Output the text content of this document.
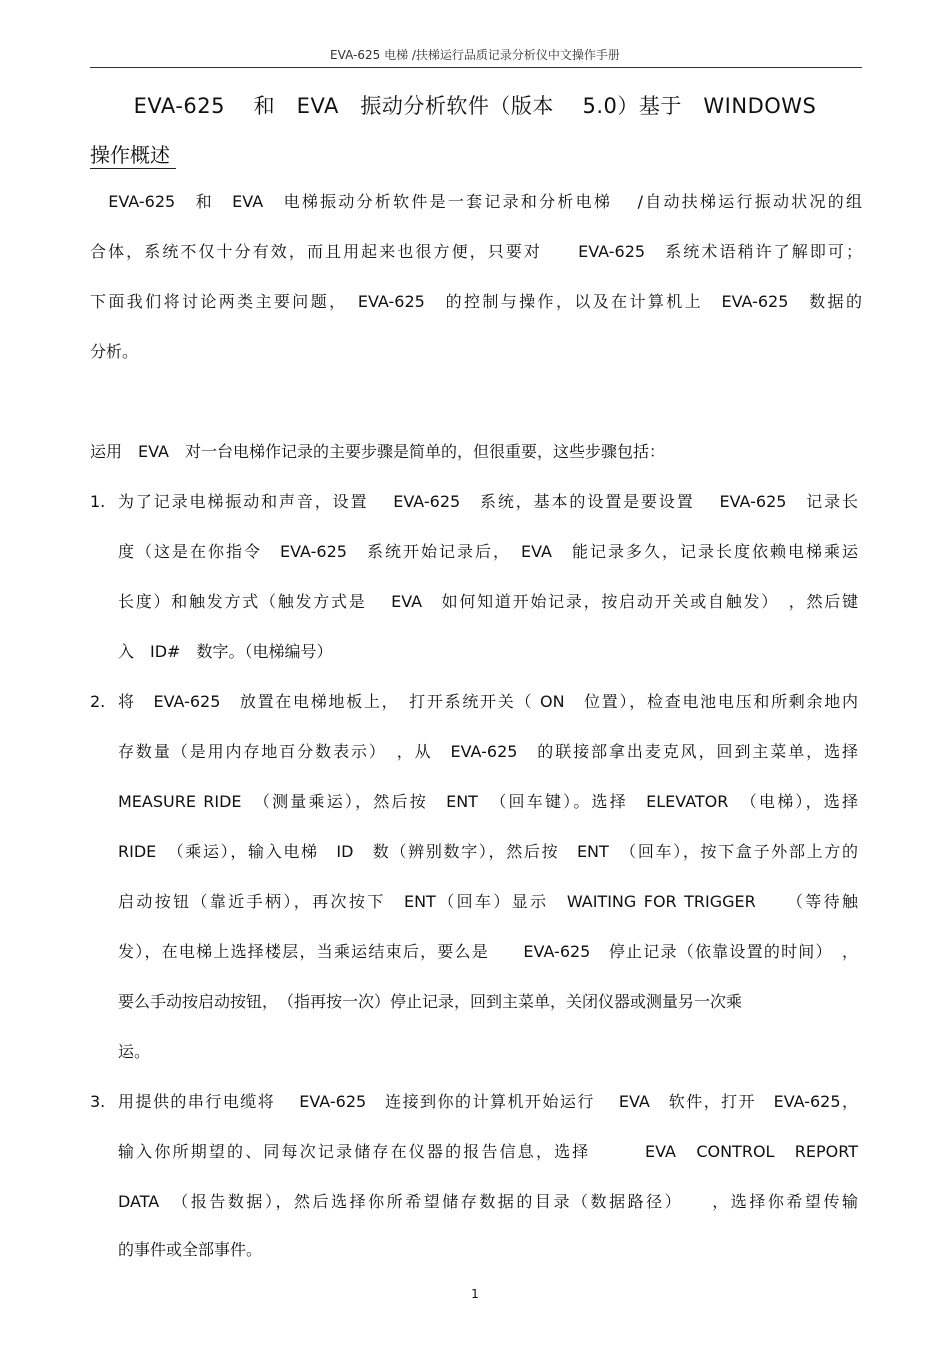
EVA-625 电梯 /扶梯运行品质记录分析仪中文操作手册
EVA-625　 和　EVA　振动分析软件（版本　 5.0）基于　WINDOWS
操作概述
　EVA-625　和　EVA　电梯振动分析软件是一套记录和分析电梯　 /自动扶梯运行振动状况的组
合体，系统不仅十分有效，而且用起来也很方便，只要对　　EVA-625　系统术语稍许了解即可；
下面我们将讨论两类主要问题，　EVA-625　的控制与操作，以及在计算机上　EVA-625　数据的
分析。
运用　EVA　对一台电梯作记录的主要步骤是简单的，但很重要，这些步骤包括：
1. 为了记录电梯振动和声音，设置　 EVA-625　系统，基本的设置是要设置　 EVA-625　记录长
度（这是在你指令　EVA-625　系统开始记录后，　EVA　能记录多久，记录长度依赖电梯乘运
长度）和触发方式（触发方式是　 EVA　如何知道开始记录，按启动开关或自触发）　，然后键
入　ID#　数字。（电梯编号）
2. 将　EVA-625　放置在电梯地板上，　打开系统开关（ ON　位置），检查电池电压和所剩余地内
存数量（是用内存地百分数表示）　，从　EVA-625　的联接部拿出麦克风，回到主菜单，选择
MEASURE RIDE　（测量乘运），然后按　ENT　（回车键）。选择　ELEVATOR　（电梯），选择
RIDE　（乘运），输入电梯　ID　数（辨别数字），然后按　ENT　（回车），按下盒子外部上方的
启动按钮（靠近手柄），再次按下　ENT（回车）显示　WAITING FOR TRIGGER　　（等待触
发），在电梯上选择楼层，当乘运结束后，要么是　　EVA-625　停止记录（依靠设置的时间）　，
要么手动按启动按钮，　（指再按一次）停止记录，回到主菜单，关闭仪器或测量另一次乘
运。
3. 用提供的串行电缆将　 EVA-625　连接到你的计算机开始运行　 EVA　软件，打开　EVA-625，
输入你所期望的、同每次记录储存在仪器的报告信息，选择　　　EVA　CONTROL　REPORT
DATA　（报告数据），然后选择你所希望储存数据的目录（数据路径）　　，选择你希望传输
的事件或全部事件。
1
